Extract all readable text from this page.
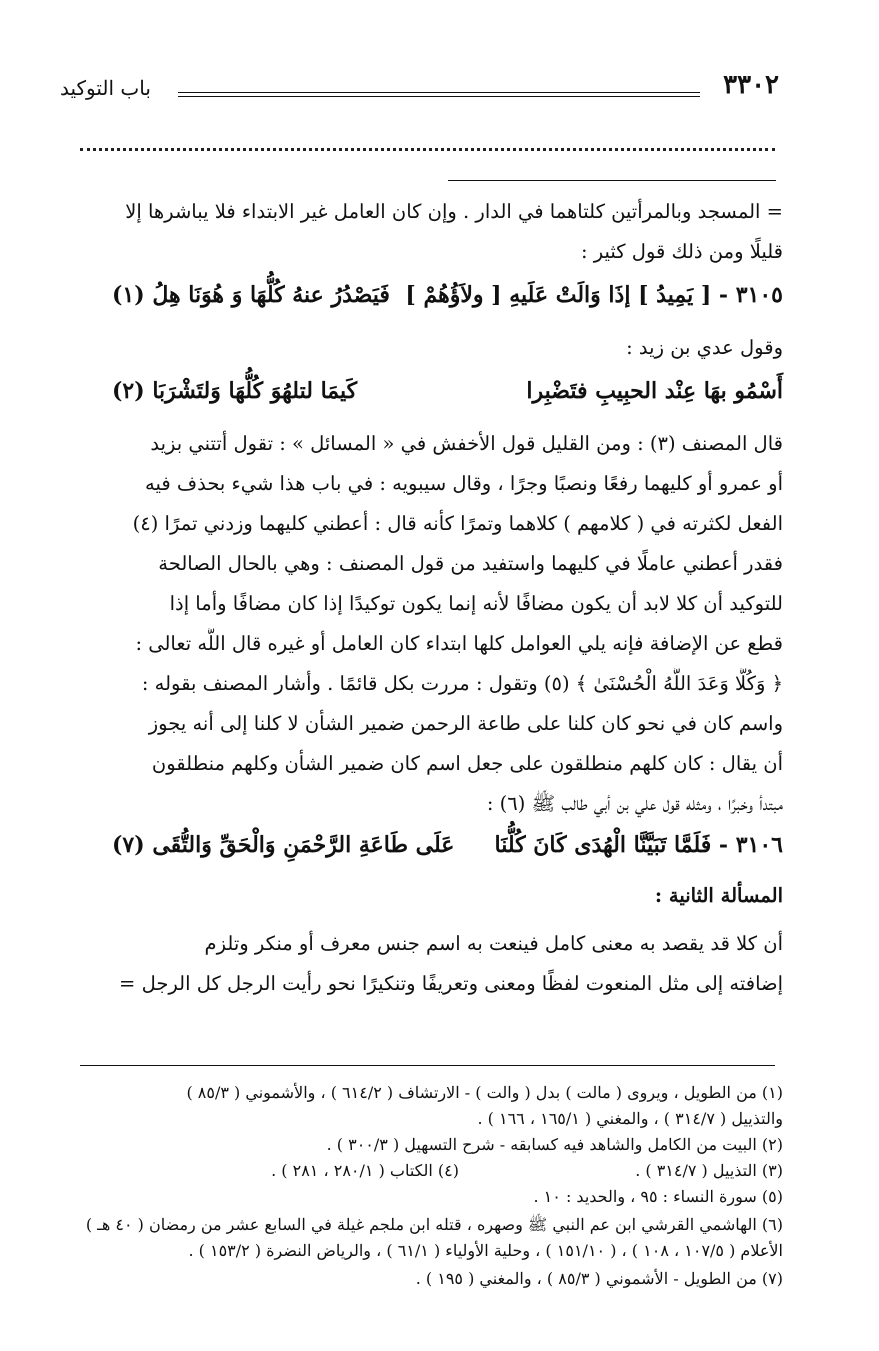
٣٣٠٢
باب التوكيد
= المسجد وبالمرأتين كلتاهما في الدار . وإن كان العامل غير الابتداء فلا يباشرها إلا
قليلًا ومن ذلك قول كثير :
٣١٠٥ - [ يَمِيدُ ] إذَا وَالَتْ عَلَيهِ [ ولاَؤُهُمْ ]
فَيَصْدُرُ عنهُ كُلُّهَا وَ هُوَنَا هِلُ (١)
وقول عدي بن زيد :
أَسْمُو بهَا عِنْد الحبِيبِ فتَضْبِرا
كَيمَا لتلهُوَ كُلُّهَا وَلتَشْرَبَا (٢)
قال المصنف (٣) : ومن القليل قول الأخفش في « المسائل » : تقول أتتني بزيد
أو عمرو أو كليهما رفعًا ونصبًا وجرًا ، وقال سيبويه : في باب هذا شيء بحذف فيه
الفعل لكثرته في ( كلامهم ) كلاهما وتمرًا كأنه قال : أعطني كليهما وزدني تمرًا (٤)
فقدر أعطني عاملًا في كليهما واستفيد من قول المصنف : وهي بالحال الصالحة
للتوكيد أن كلا لابد أن يكون مضافًا لأنه إنما يكون توكيدًا إذا كان مضافًا وأما إذا
قطع عن الإضافة فإنه يلي العوامل كلها ابتداء كان العامل أو غيره قال اللَّه تعالى :
﴿ وَكُلًّا وَعَدَ اللَّهُ الْحُسْنَىٰ ﴾ (٥) وتقول : مررت بكل قائمًا . وأشار المصنف بقوله :
واسم كان في نحو كان كلنا على طاعة الرحمن ضمير الشأن لا كلنا إلى أنه يجوز
أن يقال : كان كلهم منطلقون على جعل اسم كان ضمير الشأن وكلهم منطلقون
مبتدأ وخبرًا ، ومثله قول علي بن أبي طالب ﷺ (٦) :
٣١٠٦ - فَلَمَّا تَبَيَّنَّا الْهُدَى كَانَ كُلُّنَا
عَلَى طَاعَةِ الرَّحْمَنِ وَالْحَقِّ وَالتُّقَى (٧)
المسألة الثانية :
أن كلا قد يقصد به معنى كامل فينعت به اسم جنس معرف أو منكر وتلزم
إضافته إلى مثل المنعوت لفظًا ومعنى وتعريفًا وتنكيرًا نحو رأيت الرجل كل الرجل =
(١) من الطويل ، ويروى ( مالت ) بدل ( والت ) - الارتشاف ( ٦١٤/٢ ) ، والأشموني ( ٨٥/٣ )
والتذييل ( ٣١٤/٧ ) ، والمغني ( ١٦٥/١ ، ١٦٦ ) .
(٢) البيت من الكامل والشاهد فيه كسابقه - شرح التسهيل ( ٣٠٠/٣ ) .
(٣) التذييل ( ٣١٤/٧ ) .
(٤) الكتاب ( ٢٨٠/١ ، ٢٨١ ) .
(٥) سورة النساء : ٩٥ ، والحديد : ١٠ .
(٦) الهاشمي القرشي ابن عم النبي ﷺ وصهره ، قتله ابن ملجم غيلة في السابع عشر من رمضان ( ٤٠ هـ )
الأعلام ( ١٠٧/٥ ، ١٠٨ ) ، ( ١٥١/١٠ ) ، وحلية الأولياء ( ٦١/١ ) ، والرياض النضرة ( ١٥٣/٢ ) .
(٧) من الطويل - الأشموني ( ٨٥/٣ ) ، والمغني ( ١٩٥ ) .
